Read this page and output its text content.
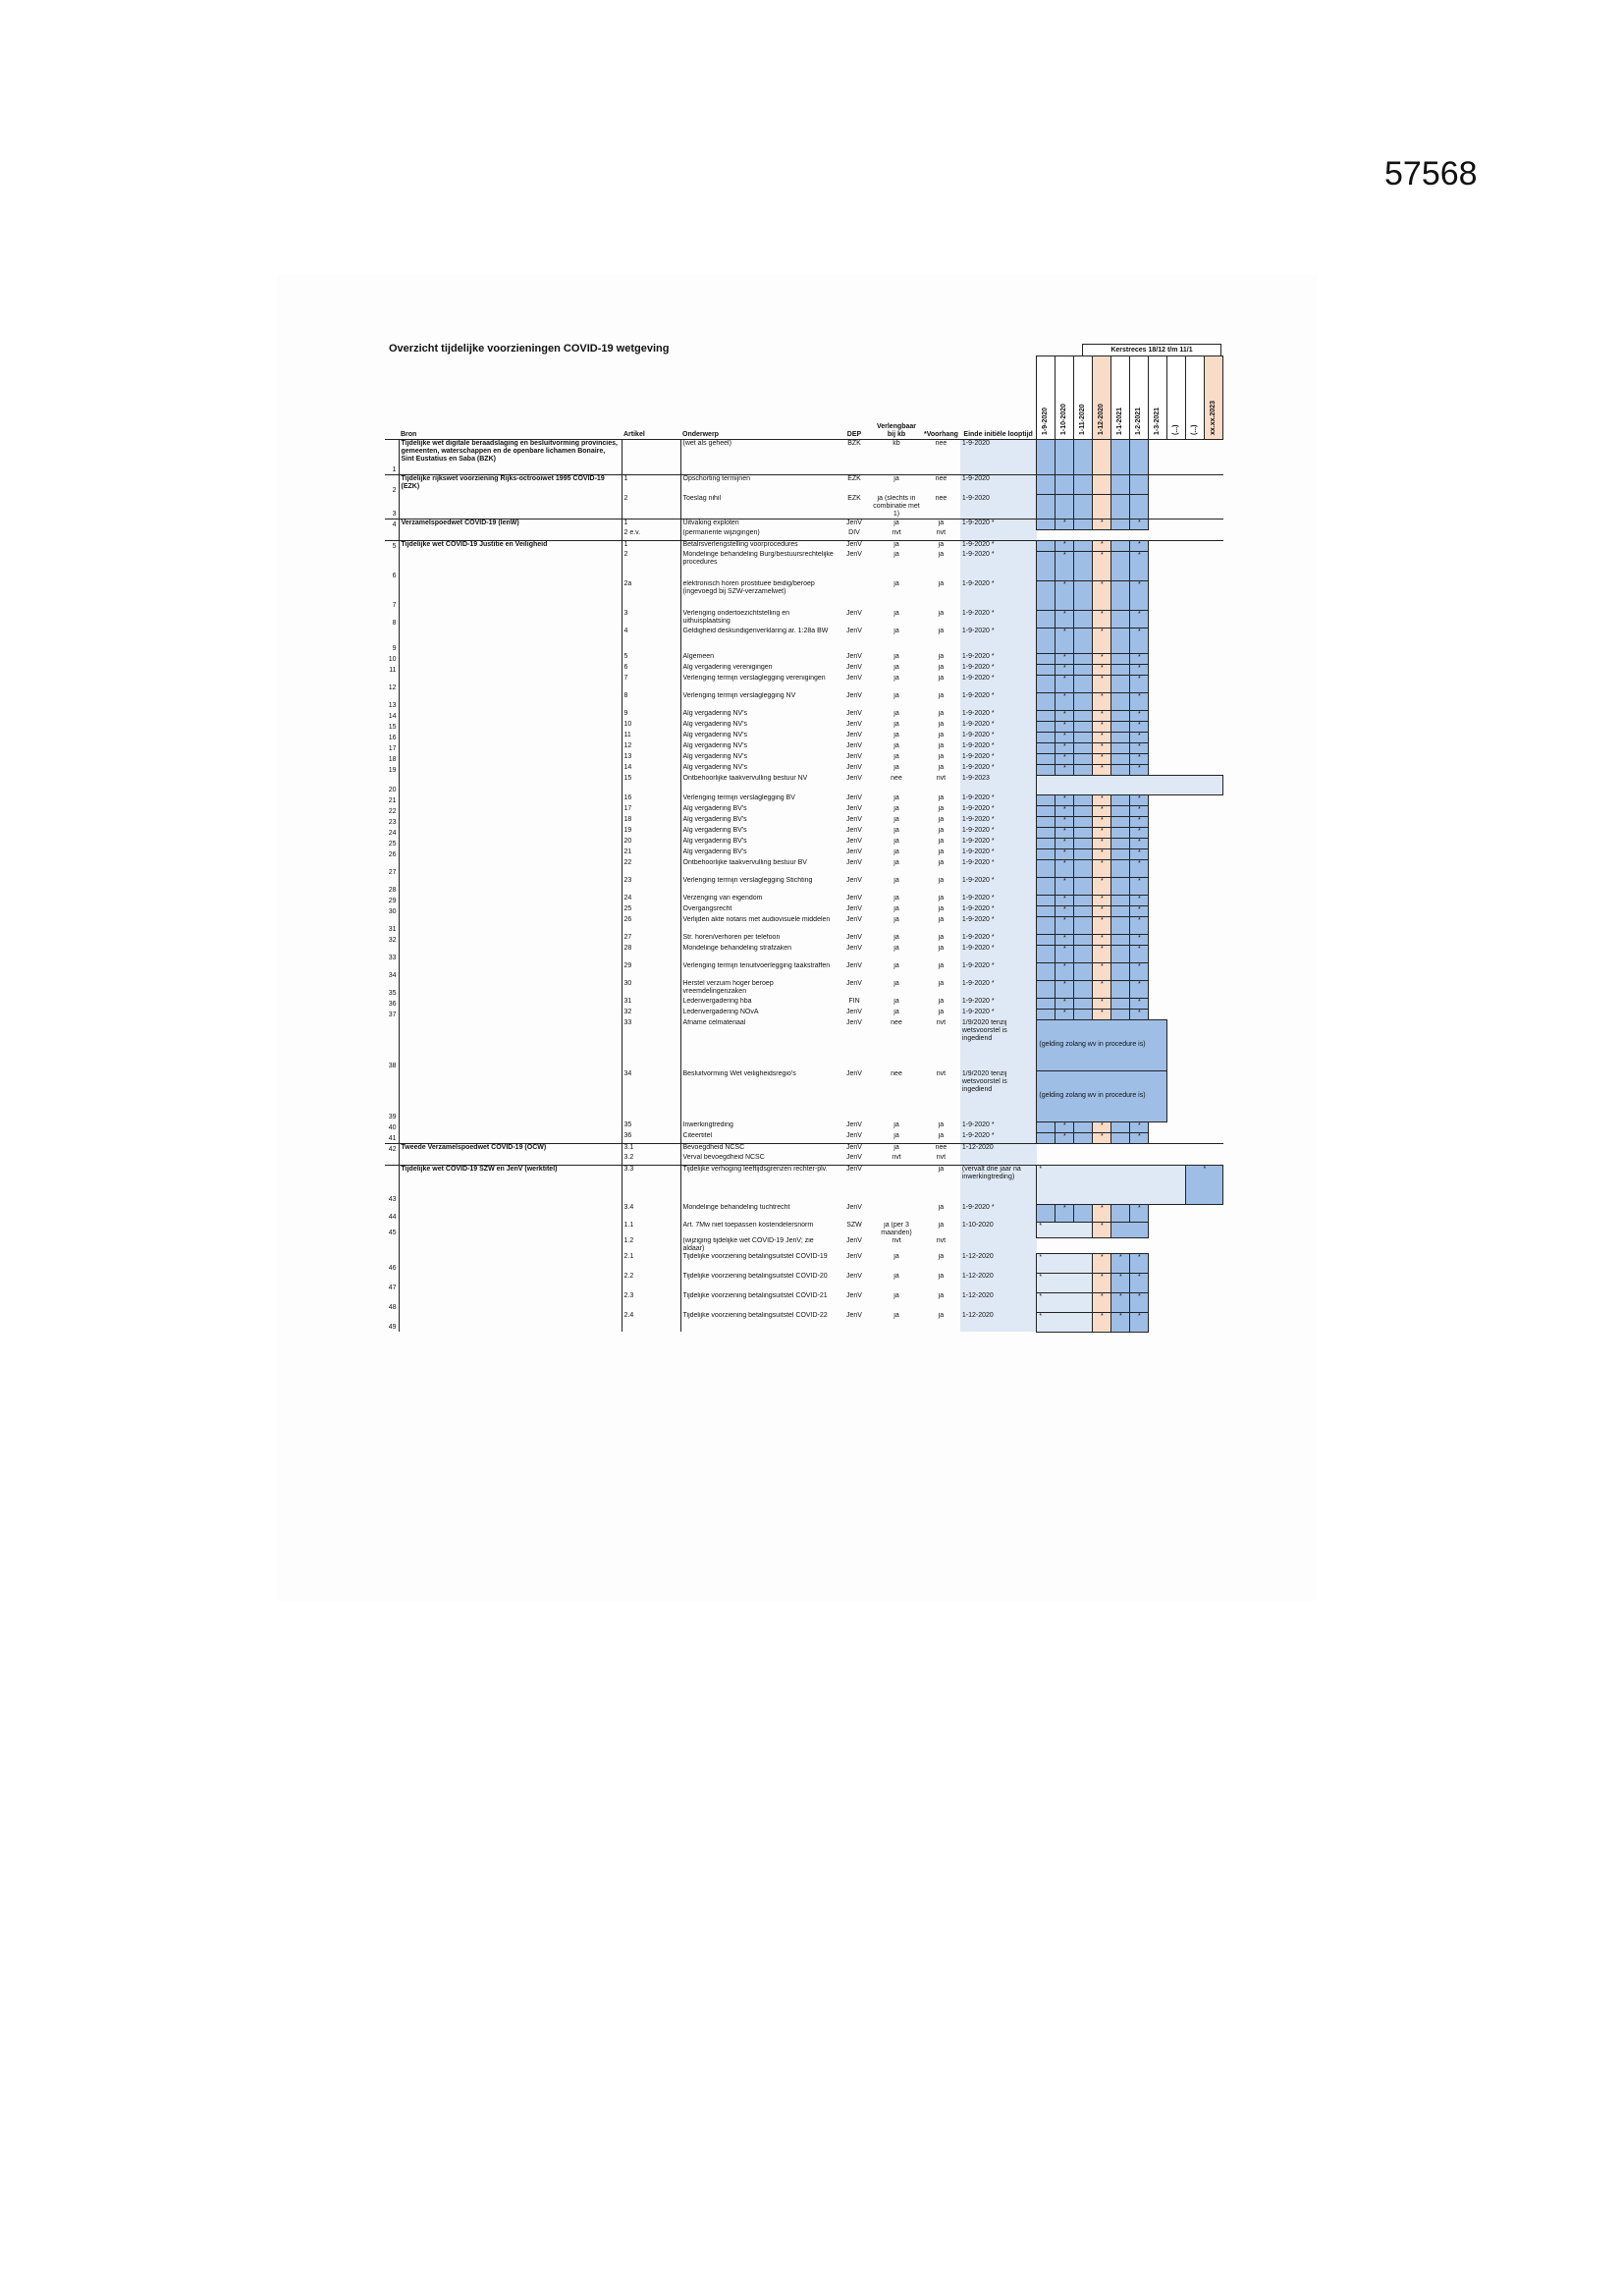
57568
Overzicht tijdelijke voorzieningen COVID-19 wetgeving	Kerstreces 18/12 t/m 11/1
	Bron	Artikel	Onderwerp	DEP	Verlengbaar bij kb	*Voorhang	Einde initiële looptijd	1-9-2020	1-10-2020	1-11-2020	1-12-2020	1-1-2021	1-2-2021	1-3-2021	(...)	(...)	xx.xx.2023

1	Tijdelijke wet digitale beraadslaging en besluitvorming provincies, gemeenten, waterschappen en de openbare lichamen Bonaire, Sint Eustatius en Saba (BZK)		(wet als geheel)	BZK	kb	nee	1-9-2020										
2	Tijdelijke rijkswet voorziening Rijks-octrooiwet 1995 COVID-19 (EZK)	1	Opschorting termijnen	EZK	ja	nee	1-9-2020										
3		2	Toeslag nihil	EZK	ja (slechts in combinatie met 1)	nee	1-9-2020										
4	Verzamelspoedwet COVID-19 (IenW)	1	Uitvaking exploten	JenV	ja	ja	1-9-2020 *		*		*		*				
		2 e.v.	(permanente wijzigingen)	DIV	nvt	nvt											
5	Tijdelijke wet COVID-19 Justitie en Veiligheid	1	Betalrsverlengstelling voorprocedures	JenV	ja	ja	1-9-2020 *		*		*		*				
6		2	Mondelinge behandeling Burg/bestuursrechtelijke procedures	JenV	ja	ja	1-9-2020 *		*		*		*				
7		2a	elektronisch horen prostituee beidig/beroep (ingevoegd bij SZW-verzamelwet)		ja	ja	1-9-2020 *		*		*		*				
8		3	Verlenging ondertoezichtstelling en uithuisplaatsing	JenV	ja	ja	1-9-2020 *		*		*		*				
9		4	Geldigheid deskundigenverklaring ar. 1:28a BW	JenV	ja	ja	1-9-2020 *		*		*		*				
10		5	Algemeen	JenV	ja	ja	1-9-2020 *		*		*		*				
11		6	Alg vergadering verenigingen	JenV	ja	ja	1-9-2020 *		*		*		*				
12		7	Verlenging termijn verslaglegging verenigingen	JenV	ja	ja	1-9-2020 *		*		*		*				
13		8	Verlenging termijn verslaglegging NV	JenV	ja	ja	1-9-2020 *		*		*		*				
14		9	Alg vergadering NV's	JenV	ja	ja	1-9-2020 *		*		*		*				
15		10	Alg vergadering NV's	JenV	ja	ja	1-9-2020 *		*		*		*				
16		11	Alg vergadering NV's	JenV	ja	ja	1-9-2020 *		*		*		*				
17		12	Alg vergadering NV's	JenV	ja	ja	1-9-2020 *		*		*		*				
18		13	Alg vergadering NV's	JenV	ja	ja	1-9-2020 *		*		*		*				
19		14	Alg vergadering NV's	JenV	ja	ja	1-9-2020 *		*		*		*				
20		15	Ontbehoorlijke taakvervulling bestuur NV	JenV	nee	nvt	1-9-2023										
21		16	Verlenging termijn verslaglegging BV	JenV	ja	ja	1-9-2020 *		*		*		*				
22		17	Alg vergadering BV's	JenV	ja	ja	1-9-2020 *		*		*		*				
23		18	Alg vergadering BV's	JenV	ja	ja	1-9-2020 *		*		*		*				
24		19	Alg vergadering BV's	JenV	ja	ja	1-9-2020 *		*		*		*				
25		20	Alg vergadering BV's	JenV	ja	ja	1-9-2020 *		*		*		*				
26		21	Alg vergadering BV's	JenV	ja	ja	1-9-2020 *		*		*		*				
27		22	Ontbehoorlijke taakvervulling bestuur BV	JenV	ja	ja	1-9-2020 *		*		*		*				
28		23	Verlenging termijn verslaglegging Stichting	JenV	ja	ja	1-9-2020 *		*		*		*				
29		24	Verzenging van eigendom	JenV	ja	ja	1-9-2020 *		*		*		*				
30		25	Overgangsrecht	JenV	ja	ja	1-9-2020 *		*		*		*				
31		26	Verlijden akte notaris met audiovisuele middelen	JenV	ja	ja	1-9-2020 *		*		*		*				
32		27	Str. horen/verhoren per telefoon	JenV	ja	ja	1-9-2020 *		*		*		*				
33		28	Mondelinge behandeling strafzaken	JenV	ja	ja	1-9-2020 *		*		*		*				
34		29	Verlenging termijn tenuitvoerlegging taakstraffen	JenV	ja	ja	1-9-2020 *		*		*		*				
35		30	Herstel verzuim hoger beroep vreemdelingenzaken	JenV	ja	ja	1-9-2020 *		*		*		*				
36		31	Ledenvergadering hba	FIN	ja	ja	1-9-2020 *		*		*		*				
37		32	Ledenvergadering NOvA	JenV	ja	ja	1-9-2020 *		*		*		*				
38		33	Afname celmateriaal	JenV	nee	nvt	1/9/2020 tenzij wetsvoorstel is ingediend	(gelding zolang wv in procedure is)									
39		34	Besluitvorming Wet veiligheidsregio's	JenV	nee	nvt	1/9/2020 tenzij wetsvoorstel is ingediend	(gelding zolang wv in procedure is)									
40		35	Inwerkingtreding	JenV	ja	ja	1-9-2020 *		*		*		*				
41		36	Citeertitel	JenV	ja	ja	1-9-2020 *		*		*		*				
42	Tweede Verzamelspoedwet COVID-19 (OCW)	3.1	Bevoegdheid NCSC	JenV	ja	nee	1-12-2020										
		3.2	Verval bevoegdheid NCSC	JenV	nvt	nvt											
43	Tijdelijke wet COVID-19 SZW en JenV (werktitel)	3.3	Tijdelijke verhoging leeftijdsgrenzen rechter-plv.	JenV		ja	(vervalt drie jaar na inwerkingtreding)	*								*	
44		3.4	Mondelinge behandeling tuchtrecht	JenV		ja	1-9-2020 *		*		*		*				
45		1.1	Art. 7Mw niet toepassen kostendelersnorm	SZW	ja (per 3 maanden)	ja	1-10-2020	*			*						
		1.2	(wijziging tijdelijke wet COVID-19 JenV; zie aldaar)	JenV	nvt	nvt											
46		2.1	Tijdelijke voorziening betalingsuitstel COVID-19	JenV	ja	ja	1-12-2020	*			*	*	*				
47		2.2	Tijdelijke voorziening betalingsuitstel COVID-20	JenV	ja	ja	1-12-2020	*			*	*	*				
48		2.3	Tijdelijke voorziening betalingsuitstel COVID-21	JenV	ja	ja	1-12-2020	*			*	*	*				
49		2.4	Tijdelijke voorziening betalingsuitstel COVID-22	JenV	ja	ja	1-12-2020	*			*	*	*				
